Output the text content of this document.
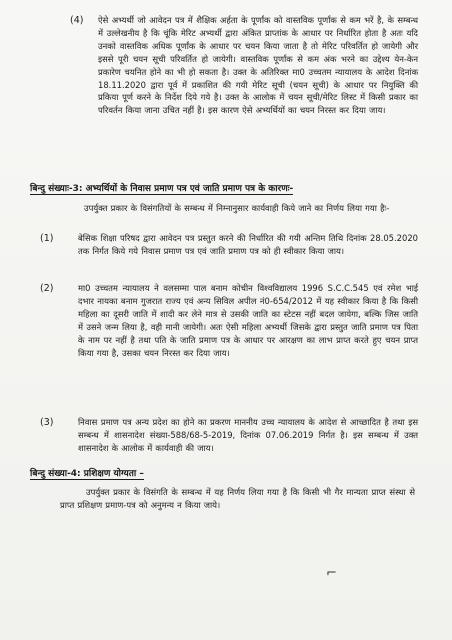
(4) ऐसे अभ्यर्थी जो आवेदन पत्र में शैक्षिक अर्हता के पूर्णांक को वास्तविक पूर्णांक से कम भरें है, के सम्बन्ध में उल्लेखनीय है कि चूंकि मेरिट अभ्यर्थी द्वारा अंकित प्राप्तांक के आधार पर निर्धारित होता है अतः यदि उनको वास्तविक अधिक पूर्णांक के आधार पर चयन किया जाता है तो मेरिट परिवर्तित हो जायेगी और इससे पूरी चयन सूची परिवर्तित हो जायेगी। वास्तविक पूर्णांक से कम अंक भरने का उद्देश्य येन-केन प्रकारेण चयनित होने का भी हो सकता है। उक्त के अतिरिक्त मा0 उच्चतम न्यायालय के आदेश दिनांक 18.11.2020 द्वारा पूर्व में प्रकाशित की गयी मेरिट सूची (चयन सूची) के आधार पर नियुक्ति की प्रकिया पूर्ण करने के निर्देश दिये गये है। उक्त के आलोक में चयन सूची/मेरिट लिस्ट में किसी प्रकार का परिवर्तन किया जाना उचित नहीं है। इस कारण ऐसे अभ्यर्थियों का चयन निरस्त कर दिया जाय।
बिन्दु संख्याः-3: अभ्यर्थियों के निवास प्रमाण पत्र एवं जाति प्रमाण पत्र के कारणः-
उपर्युक्त प्रकार के विसंगतियों के सम्बन्ध में निम्नानुसार कार्यवाही किये जाने का निर्णय लिया गया हैः-
(1)	बेसिक शिक्षा परिषद द्वारा आवेदन पत्र प्रस्तुत करने की निर्धारित की गयी अन्तिम तिथि दिनांक 28.05.2020 तक निर्गत किये गये निवास प्रमाण पत्र एवं जाति प्रमाण पत्र को ही स्वीकार किया जाय।
(2)	मा0 उच्चतम न्यायालय ने वलसम्मा पाल बनाम कोचीन विश्वविद्यालय 1996 S.C.C.545 एवं रमेश भाई दभार नायका बनाम गुजरात राज्य एवं अन्य सिविल अपील नं0-654/2012 में यह स्वीकार किया है कि किसी महिला का दूसरी जाति में शादी कर लेने मात्र से उसकी जाति का स्टेटस नहीं बदल जायेगा, बल्कि जिस जाति में उसने जन्म लिया है, वही मानी जायेगी। अतः ऐसी महिला अभ्यर्थी जिसके द्वारा प्रस्तुत जाति प्रमाण पत्र पिता के नाम पर नहीं है तथा पति के जाति प्रमाण पत्र के आधार पर आरक्षण का लाभ प्राप्त करते हुए चयन प्राप्त किया गया है, उसका चयन निरस्त कर दिया जाय।
(3)	निवास प्रमाण पत्र अन्य प्रदेश का होने का प्रकरण माननीय उच्च न्यायालय के आदेश से आच्छादित है तथा इस सम्बन्ध में शासनादेश संख्या-588/68-5-2019, दिनांक 07.06.2019 निर्गत है। इस सम्बन्ध में उक्त शासनादेश के आलोक में कार्यवाही की जाय।
बिन्दु संख्या-4: प्रशिक्षण योग्यता –
उपर्युक्त प्रकार के विसंगति के सम्बन्ध में यह निर्णय लिया गया है कि किसी भी गैर मान्यता प्राप्त संस्था से प्राप्त प्रशिक्षण प्रमाण-पत्र को अनुमन्य न किया जाये।
⌐
